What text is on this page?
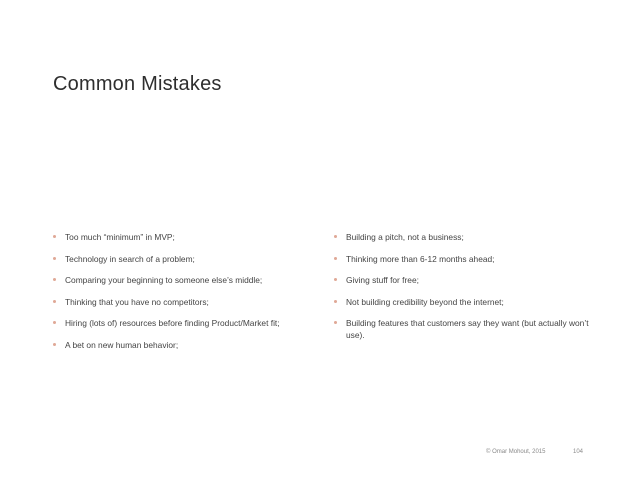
Common Mistakes
Too much “minimum” in MVP;
Technology in search of a problem;
Comparing your beginning to someone else’s middle;
Thinking that you have no competitors;
Hiring (lots of) resources before finding Product/Market fit;
A bet on new human behavior;
Building a pitch, not a business;
Thinking more than 6-12 months ahead;
Giving stuff for free;
Not building credibility beyond the internet;
Building features that customers say they want (but actually won’t use).
© Omar Mohout, 2015	104
